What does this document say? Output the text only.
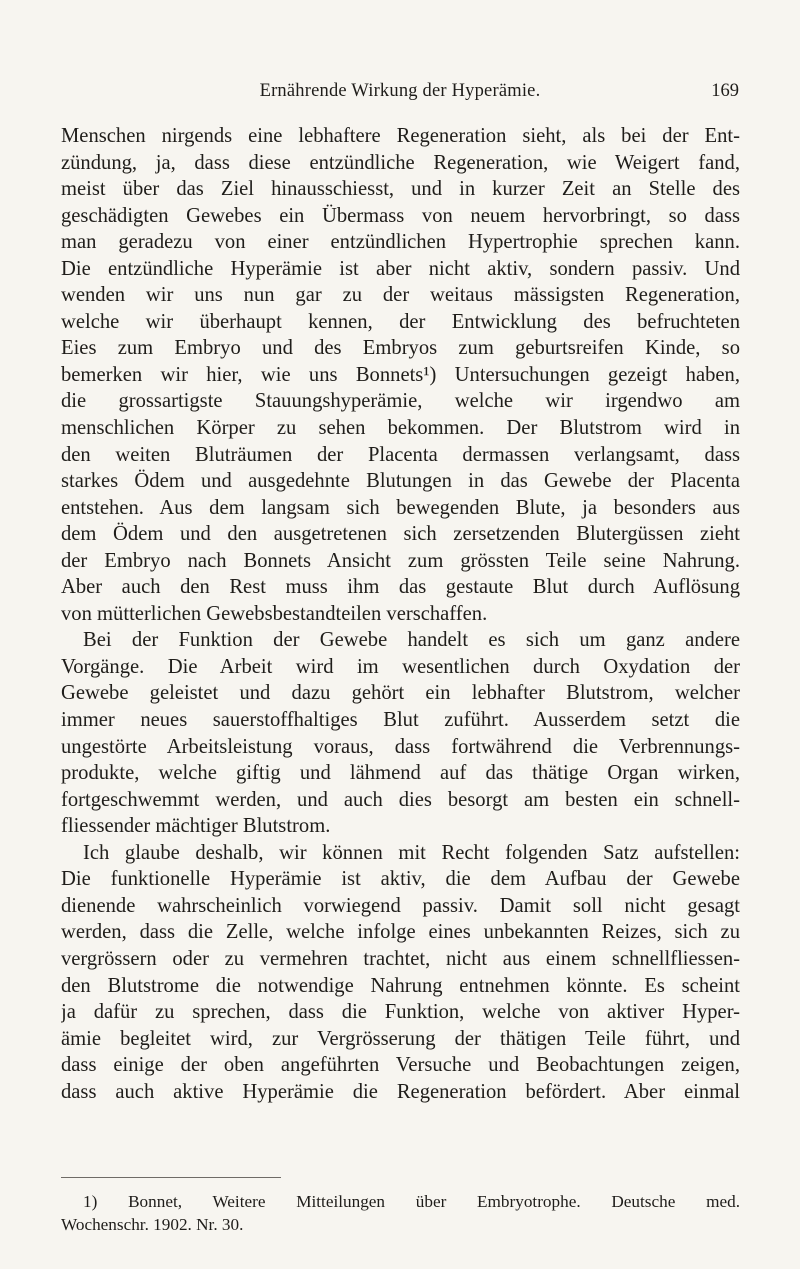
Ernährende Wirkung der Hyperämie.	169
Menschen nirgends eine lebhaftere Regeneration sieht, als bei der Ent-
zündung, ja, dass diese entzündliche Regeneration, wie Weigert fand,
meist über das Ziel hinausschiesst, und in kurzer Zeit an Stelle des
geschädigten Gewebes ein Übermass von neuem hervorbringt, so dass
man geradezu von einer entzündlichen Hypertrophie sprechen kann.
Die entzündliche Hyperämie ist aber nicht aktiv, sondern passiv. Und
wenden wir uns nun gar zu der weitaus mässigsten Regeneration,
welche wir überhaupt kennen, der Entwicklung des befruchteten
Eies zum Embryo und des Embryos zum geburtsreifen Kinde, so
bemerken wir hier, wie uns Bonnets¹) Untersuchungen gezeigt haben,
die grossartigste Stauungshyperämie, welche wir irgendwo am
menschlichen Körper zu sehen bekommen. Der Blutstrom wird in
den weiten Bluträumen der Placenta dermassen verlangsamt, dass
starkes Ödem und ausgedehnte Blutungen in das Gewebe der Placenta
entstehen. Aus dem langsam sich bewegenden Blute, ja besonders aus
dem Ödem und den ausgetretenen sich zersetzenden Blutergüssen zieht
der Embryo nach Bonnets Ansicht zum grössten Teile seine Nahrung.
Aber auch den Rest muss ihm das gestaute Blut durch Auflösung
von mütterlichen Gewebsbestandteilen verschaffen.
Bei der Funktion der Gewebe handelt es sich um ganz andere
Vorgänge. Die Arbeit wird im wesentlichen durch Oxydation der
Gewebe geleistet und dazu gehört ein lebhafter Blutstrom, welcher
immer neues sauerstoffhaltiges Blut zuführt. Ausserdem setzt die
ungestörte Arbeitsleistung voraus, dass fortwährend die Verbrennungs-
produkte, welche giftig und lähmend auf das thätige Organ wirken,
fortgeschwemmt werden, und auch dies besorgt am besten ein schnell-
fliessender mächtiger Blutstrom.
Ich glaube deshalb, wir können mit Recht folgenden Satz aufstellen:
Die funktionelle Hyperämie ist aktiv, die dem Aufbau der Gewebe
dienende wahrscheinlich vorwiegend passiv. Damit soll nicht gesagt
werden, dass die Zelle, welche infolge eines unbekannten Reizes, sich zu
vergrössern oder zu vermehren trachtet, nicht aus einem schnellfliessen-
den Blutstrome die notwendige Nahrung entnehmen könnte. Es scheint
ja dafür zu sprechen, dass die Funktion, welche von aktiver Hyper-
ämie begleitet wird, zur Vergrösserung der thätigen Teile führt, und
dass einige der oben angeführten Versuche und Beobachtungen zeigen,
dass auch aktive Hyperämie die Regeneration befördert. Aber einmal
1) Bonnet, Weitere Mitteilungen über Embryotrophe. Deutsche med.
Wochenschr. 1902. Nr. 30.
